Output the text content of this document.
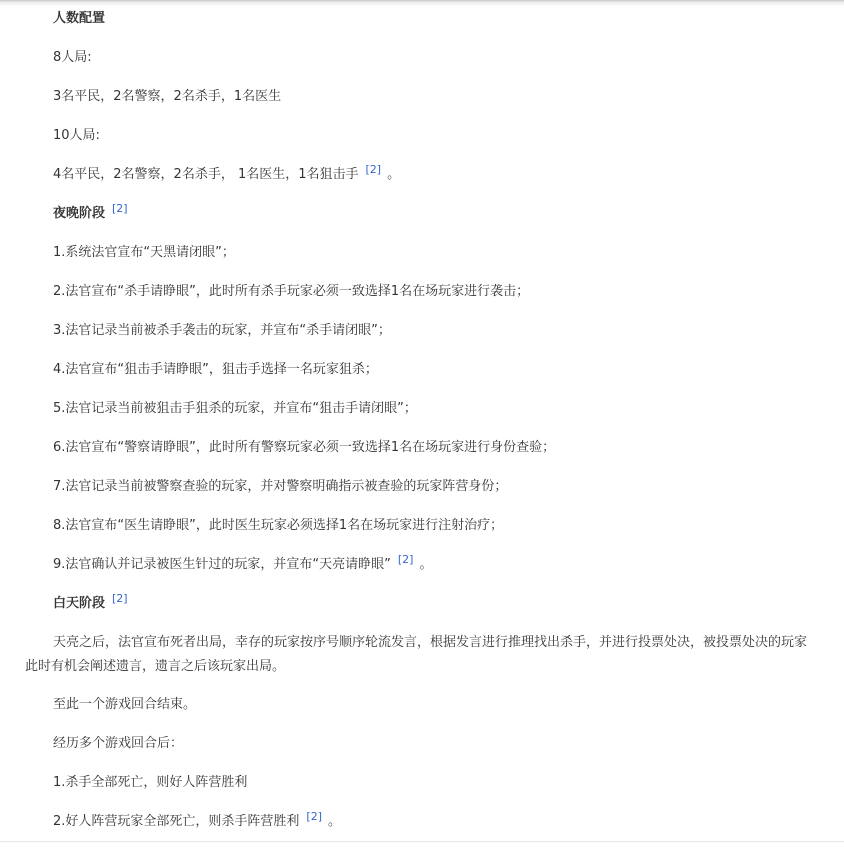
人数配置
8人局:
3名平民，2名警察，2名杀手，1名医生
10人局:
4名平民，2名警察，2名杀手， 1名医生，1名狙击手 [2] 。
夜晚阶段 [2]
1.系统法官宣布“天黑请闭眼”；
2.法官宣布“杀手请睁眼”，此时所有杀手玩家必须一致选择1名在场玩家进行袭击；
3.法官记录当前被杀手袭击的玩家，并宣布“杀手请闭眼”；
4.法官宣布“狙击手请睁眼”，狙击手选择一名玩家狙杀；
5.法官记录当前被狙击手狙杀的玩家，并宣布“狙击手请闭眼”；
6.法官宣布“警察请睁眼”，此时所有警察玩家必须一致选择1名在场玩家进行身份查验；
7.法官记录当前被警察查验的玩家，并对警察明确指示被查验的玩家阵营身份；
8.法官宣布“医生请睁眼”，此时医生玩家必须选择1名在场玩家进行注射治疗；
9.法官确认并记录被医生针过的玩家，并宣布“天亮请睁眼” [2] 。
白天阶段 [2]
天亮之后，法官宣布死者出局，幸存的玩家按序号顺序轮流发言，根据发言进行推理找出杀手，并进行投票处决，被投票处决的玩家此时有机会阐述遗言，遗言之后该玩家出局。
至此一个游戏回合结束。
经历多个游戏回合后：
1.杀手全部死亡，则好人阵营胜利
2.好人阵营玩家全部死亡，则杀手阵营胜利 [2] 。
